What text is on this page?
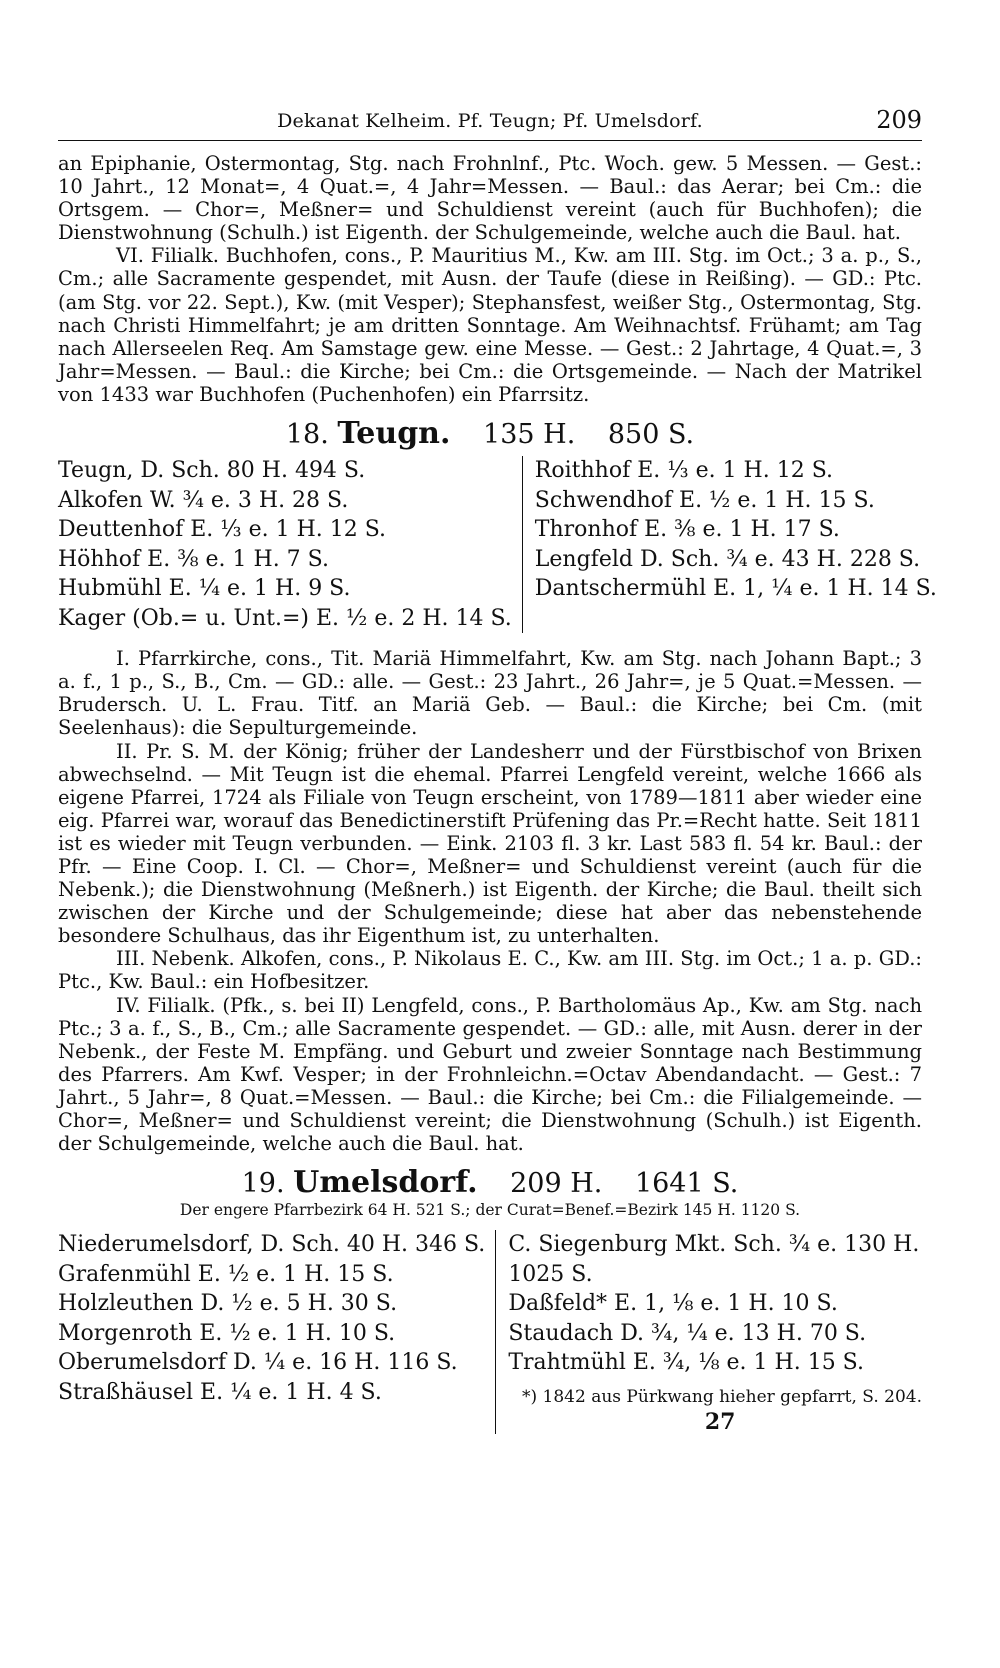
Dekanat Kelheim. Pf. Teugn; Pf. Umelsdorf.	209

an Epiphanie, Ostermontag, Stg. nach Frohnlnf., Ptc. Woch. gew. 5 Messen. — Gest.: 10 Jahrt., 12 Monat=, 4 Quat.=, 4 Jahr=Messen. — Baul.: das Aerar; bei Cm.: die Ortsgem. — Chor=, Meßner= und Schuldienst vereint (auch für Buchhofen); die Dienstwohnung (Schulh.) ist Eigenth. der Schulgemeinde, welche auch die Baul. hat.

VI. Filialk. Buchhofen, cons., P. Mauritius M., Kw. am III. Stg. im Oct.; 3 a. p., S., Cm.; alle Sacramente gespendet, mit Ausn. der Taufe (diese in Reißing). — GD.: Ptc. (am Stg. vor 22. Sept.), Kw. (mit Vesper); Stephansfest, weißer Stg., Ostermontag, Stg. nach Christi Himmelfahrt; je am dritten Sonntage. Am Weihnachtsf. Frühamt; am Tag nach Allerseelen Req. Am Samstage gew. eine Messe. — Gest.: 2 Jahrtage, 4 Quat.=, 3 Jahr=Messen. — Baul.: die Kirche; bei Cm.: die Ortsgemeinde. — Nach der Matrikel von 1433 war Buchhofen (Puchenhofen) ein Pfarrsitz.

18. Teugn. 135 H. 850 S.
Teugn, D. Sch. 80 H. 494 S.
Alkofen W. ¾ e. 3 H. 28 S.
Deuttenhof E. ⅓ e. 1 H. 12 S.
Höhhof E. ⅜ e. 1 H. 7 S.
Hubmühl E. ¼ e. 1 H. 9 S.
Kager (Ob.= u. Unt.=) E. ½ e. 2 H. 14 S.
Roithhof E. ⅓ e. 1 H. 12 S.
Schwendhof E. ½ e. 1 H. 15 S.
Thronhof E. ⅜ e. 1 H. 17 S.
Lengfeld D. Sch. ¾ e. 43 H. 228 S.
Dantschermühl E. 1, ¼ e. 1 H. 14 S.

I. Pfarrkirche, cons., Tit. Mariä Himmelfahrt, Kw. am Stg. nach Johann Bapt.; 3 a. f., 1 p., S., B., Cm. — GD.: alle. — Gest.: 23 Jahrt., 26 Jahr=, je 5 Quat.=Messen. — Brudersch. U. L. Frau. Titf. an Mariä Geb. — Baul.: die Kirche; bei Cm. (mit Seelenhaus): die Sepulturgemeinde.

II. Pr. S. M. der König; früher der Landesherr und der Fürstbischof von Brixen abwechselnd. — Mit Teugn ist die ehemal. Pfarrei Lengfeld vereint, welche 1666 als eigene Pfarrei, 1724 als Filiale von Teugn erscheint, von 1789—1811 aber wieder eine eig. Pfarrei war, worauf das Benedictinerstift Prüfening das Pr.=Recht hatte. Seit 1811 ist es wieder mit Teugn verbunden. — Eink. 2103 fl. 3 kr. Last 583 fl. 54 kr. Baul.: der Pfr. — Eine Coop. I. Cl. — Chor=, Meßner= und Schuldienst vereint (auch für die Nebenk.); die Dienstwohnung (Meßnerh.) ist Eigenth. der Kirche; die Baul. theilt sich zwischen der Kirche und der Schulgemeinde; diese hat aber das nebenstehende besondere Schulhaus, das ihr Eigenthum ist, zu unterhalten.

III. Nebenk. Alkofen, cons., P. Nikolaus E. C., Kw. am III. Stg. im Oct.; 1 a. p. GD.: Ptc., Kw. Baul.: ein Hofbesitzer.

IV. Filialk. (Pfk., s. bei II) Lengfeld, cons., P. Bartholomäus Ap., Kw. am Stg. nach Ptc.; 3 a. f., S., B., Cm.; alle Sacramente gespendet. — GD.: alle, mit Ausn. derer in der Nebenk., der Feste M. Empfäng. und Geburt und zweier Sonntage nach Bestimmung des Pfarrers. Am Kwf. Vesper; in der Frohnleichn.=Octav Abendandacht. — Gest.: 7 Jahrt., 5 Jahr=, 8 Quat.=Messen. — Baul.: die Kirche; bei Cm.: die Filialgemeinde. — Chor=, Meßner= und Schuldienst vereint; die Dienstwohnung (Schulh.) ist Eigenth. der Schulgemeinde, welche auch die Baul. hat.

19. Umelsdorf. 209 H. 1641 S.
Der engere Pfarrbezirk 64 H. 521 S.; der Curat=Benef.=Bezirk 145 H. 1120 S.
Niederumelsdorf, D. Sch. 40 H. 346 S.
Grafenmühl E. ½ e. 1 H. 15 S.
Holzleuthen D. ½ e. 5 H. 30 S.
Morgenroth E. ½ e. 1 H. 10 S.
Oberumelsdorf D. ¼ e. 16 H. 116 S.
Straßhäusel E. ¼ e. 1 H. 4 S.
C. Siegenburg Mkt. Sch. ¾ e. 130 H. 1025 S.
Daßfeld* E. 1, ⅛ e. 1 H. 10 S.
Staudach D. ¾, ¼ e. 13 H. 70 S.
Trahtmühl E. ¾, ⅛ e. 1 H. 15 S.
*) 1842 aus Pürkwang hieher gepfarrt, S. 204.
27
